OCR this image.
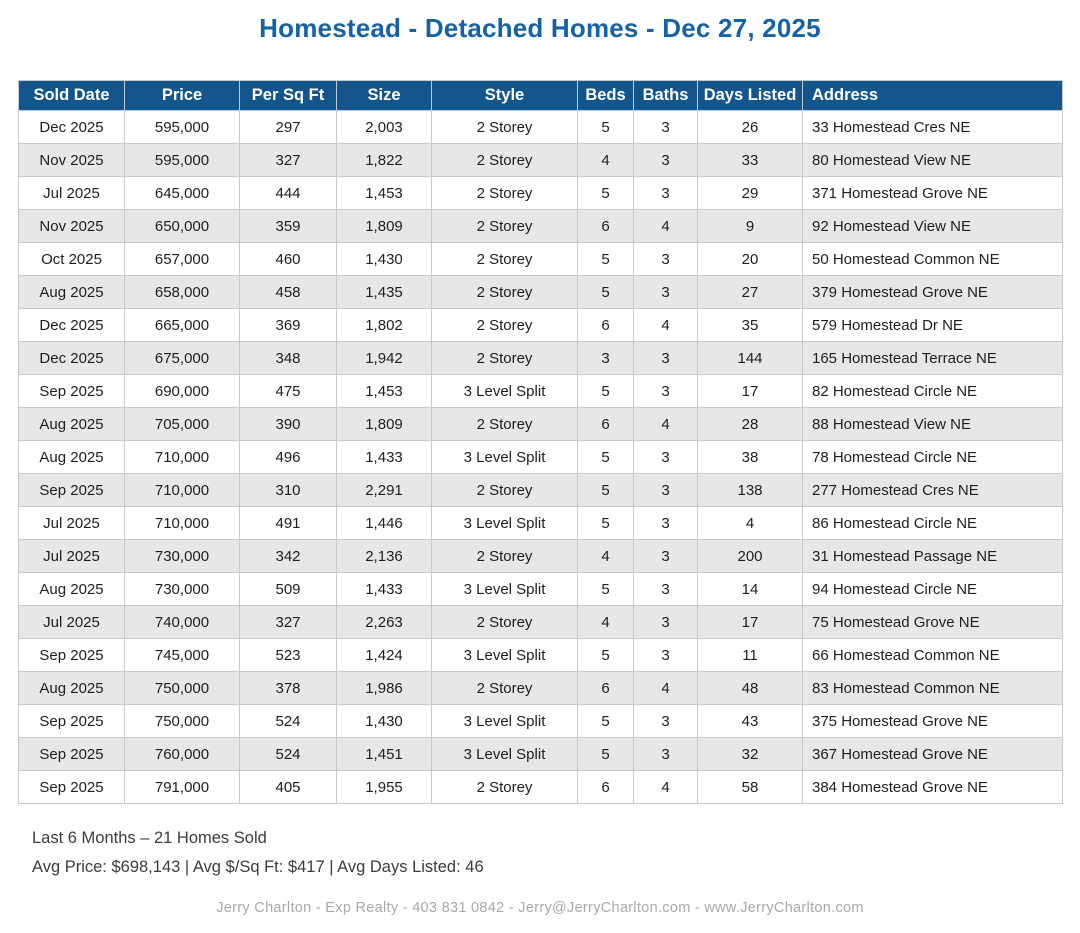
Homestead - Detached Homes - Dec 27, 2025
Sold Date	Price	Per Sq Ft	Size	Style	Beds	Baths	Days Listed	Address
Dec 2025	595,000	297	2,003	2 Storey	5	3	26	33 Homestead Cres NE
Nov 2025	595,000	327	1,822	2 Storey	4	3	33	80 Homestead View NE
Jul 2025	645,000	444	1,453	2 Storey	5	3	29	371 Homestead Grove NE
Nov 2025	650,000	359	1,809	2 Storey	6	4	9	92 Homestead View NE
Oct 2025	657,000	460	1,430	2 Storey	5	3	20	50 Homestead Common NE
Aug 2025	658,000	458	1,435	2 Storey	5	3	27	379 Homestead Grove NE
Dec 2025	665,000	369	1,802	2 Storey	6	4	35	579 Homestead Dr NE
Dec 2025	675,000	348	1,942	2 Storey	3	3	144	165 Homestead Terrace NE
Sep 2025	690,000	475	1,453	3 Level Split	5	3	17	82 Homestead Circle NE
Aug 2025	705,000	390	1,809	2 Storey	6	4	28	88 Homestead View NE
Aug 2025	710,000	496	1,433	3 Level Split	5	3	38	78 Homestead Circle NE
Sep 2025	710,000	310	2,291	2 Storey	5	3	138	277 Homestead Cres NE
Jul 2025	710,000	491	1,446	3 Level Split	5	3	4	86 Homestead Circle NE
Jul 2025	730,000	342	2,136	2 Storey	4	3	200	31 Homestead Passage NE
Aug 2025	730,000	509	1,433	3 Level Split	5	3	14	94 Homestead Circle NE
Jul 2025	740,000	327	2,263	2 Storey	4	3	17	75 Homestead Grove NE
Sep 2025	745,000	523	1,424	3 Level Split	5	3	11	66 Homestead Common NE
Aug 2025	750,000	378	1,986	2 Storey	6	4	48	83 Homestead Common NE
Sep 2025	750,000	524	1,430	3 Level Split	5	3	43	375 Homestead Grove NE
Sep 2025	760,000	524	1,451	3 Level Split	5	3	32	367 Homestead Grove NE
Sep 2025	791,000	405	1,955	2 Storey	6	4	58	384 Homestead Grove NE
Last 6 Months – 21 Homes Sold
Avg Price: $698,143 | Avg $/Sq Ft: $417 | Avg Days Listed: 46
Jerry Charlton - Exp Realty - 403 831 0842 - Jerry@JerryCharlton.com - www.JerryCharlton.com
